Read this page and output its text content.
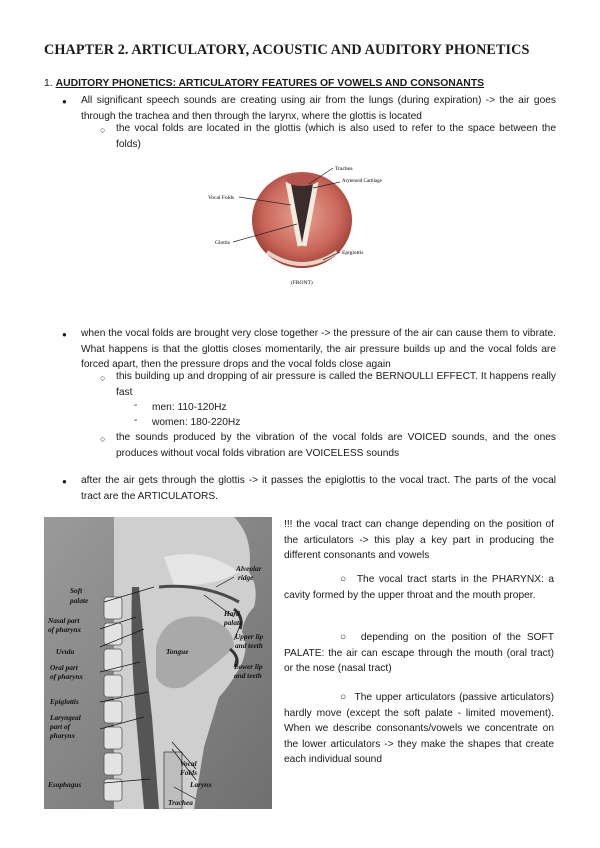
CHAPTER 2. ARTICULATORY, ACOUSTIC AND AUDITORY PHONETICS
1. AUDITORY PHONETICS: ARTICULATORY FEATURES OF VOWELS AND CONSONANTS
● All significant speech sounds are creating using air from the lungs (during expiration) -> the air goes through the trachea and then through the larynx, where the glottis is located
○ the vocal folds are located in the glottis (which is also used to refer to the space between the folds)
Vocal Folds
Trachea
Arytenoid Cartilage
Glottis
Epiglottis
(FRONT)
● when the vocal folds are brought very close together -> the pressure of the air can cause them to vibrate. What happens is that the glottis closes momentarily, the air pressure builds up and the vocal folds are forced apart, then the pressure drops and the vocal folds close again
○ this building up and dropping of air pressure is called the BERNOULLI EFFECT. It happens really fast
- men: 110-120Hz
- women: 180-220Hz
○ the sounds produced by the vibration of the vocal folds are VOICED sounds, and the ones produces without vocal folds vibration are VOICELESS sounds
● after the air gets through the glottis -> it passes the epiglottis to the vocal tract. The parts of the vocal tract are the ARTICULATORS.
Alveolar
ridge
Soft
palate
Hard
palate
Nasal part
of pharynx
Upper lip
and teeth
Uvula	Tongue
Oral part
of pharynx
Lower lip
and teeth
Epiglottis
Laryngeal
part of
pharynx
Vocal
Folds
Larynx
Esophagus
Trachea
!!! the vocal tract can change depending on the position of the articulators -> this play a key part in producing the different consonants and vowels
○  The vocal tract starts in the PHARYNX: a cavity formed by the upper throat and the mouth proper.
○  depending on the position of the SOFT PALATE: the air can escape through the mouth (oral tract) or the nose (nasal tract)
○  The upper articulators (passive articulators) hardly move (except the soft palate - limited movement). When we describe consonants/vowels we concentrate on the lower articulators -> they make the shapes that create each individual sound
